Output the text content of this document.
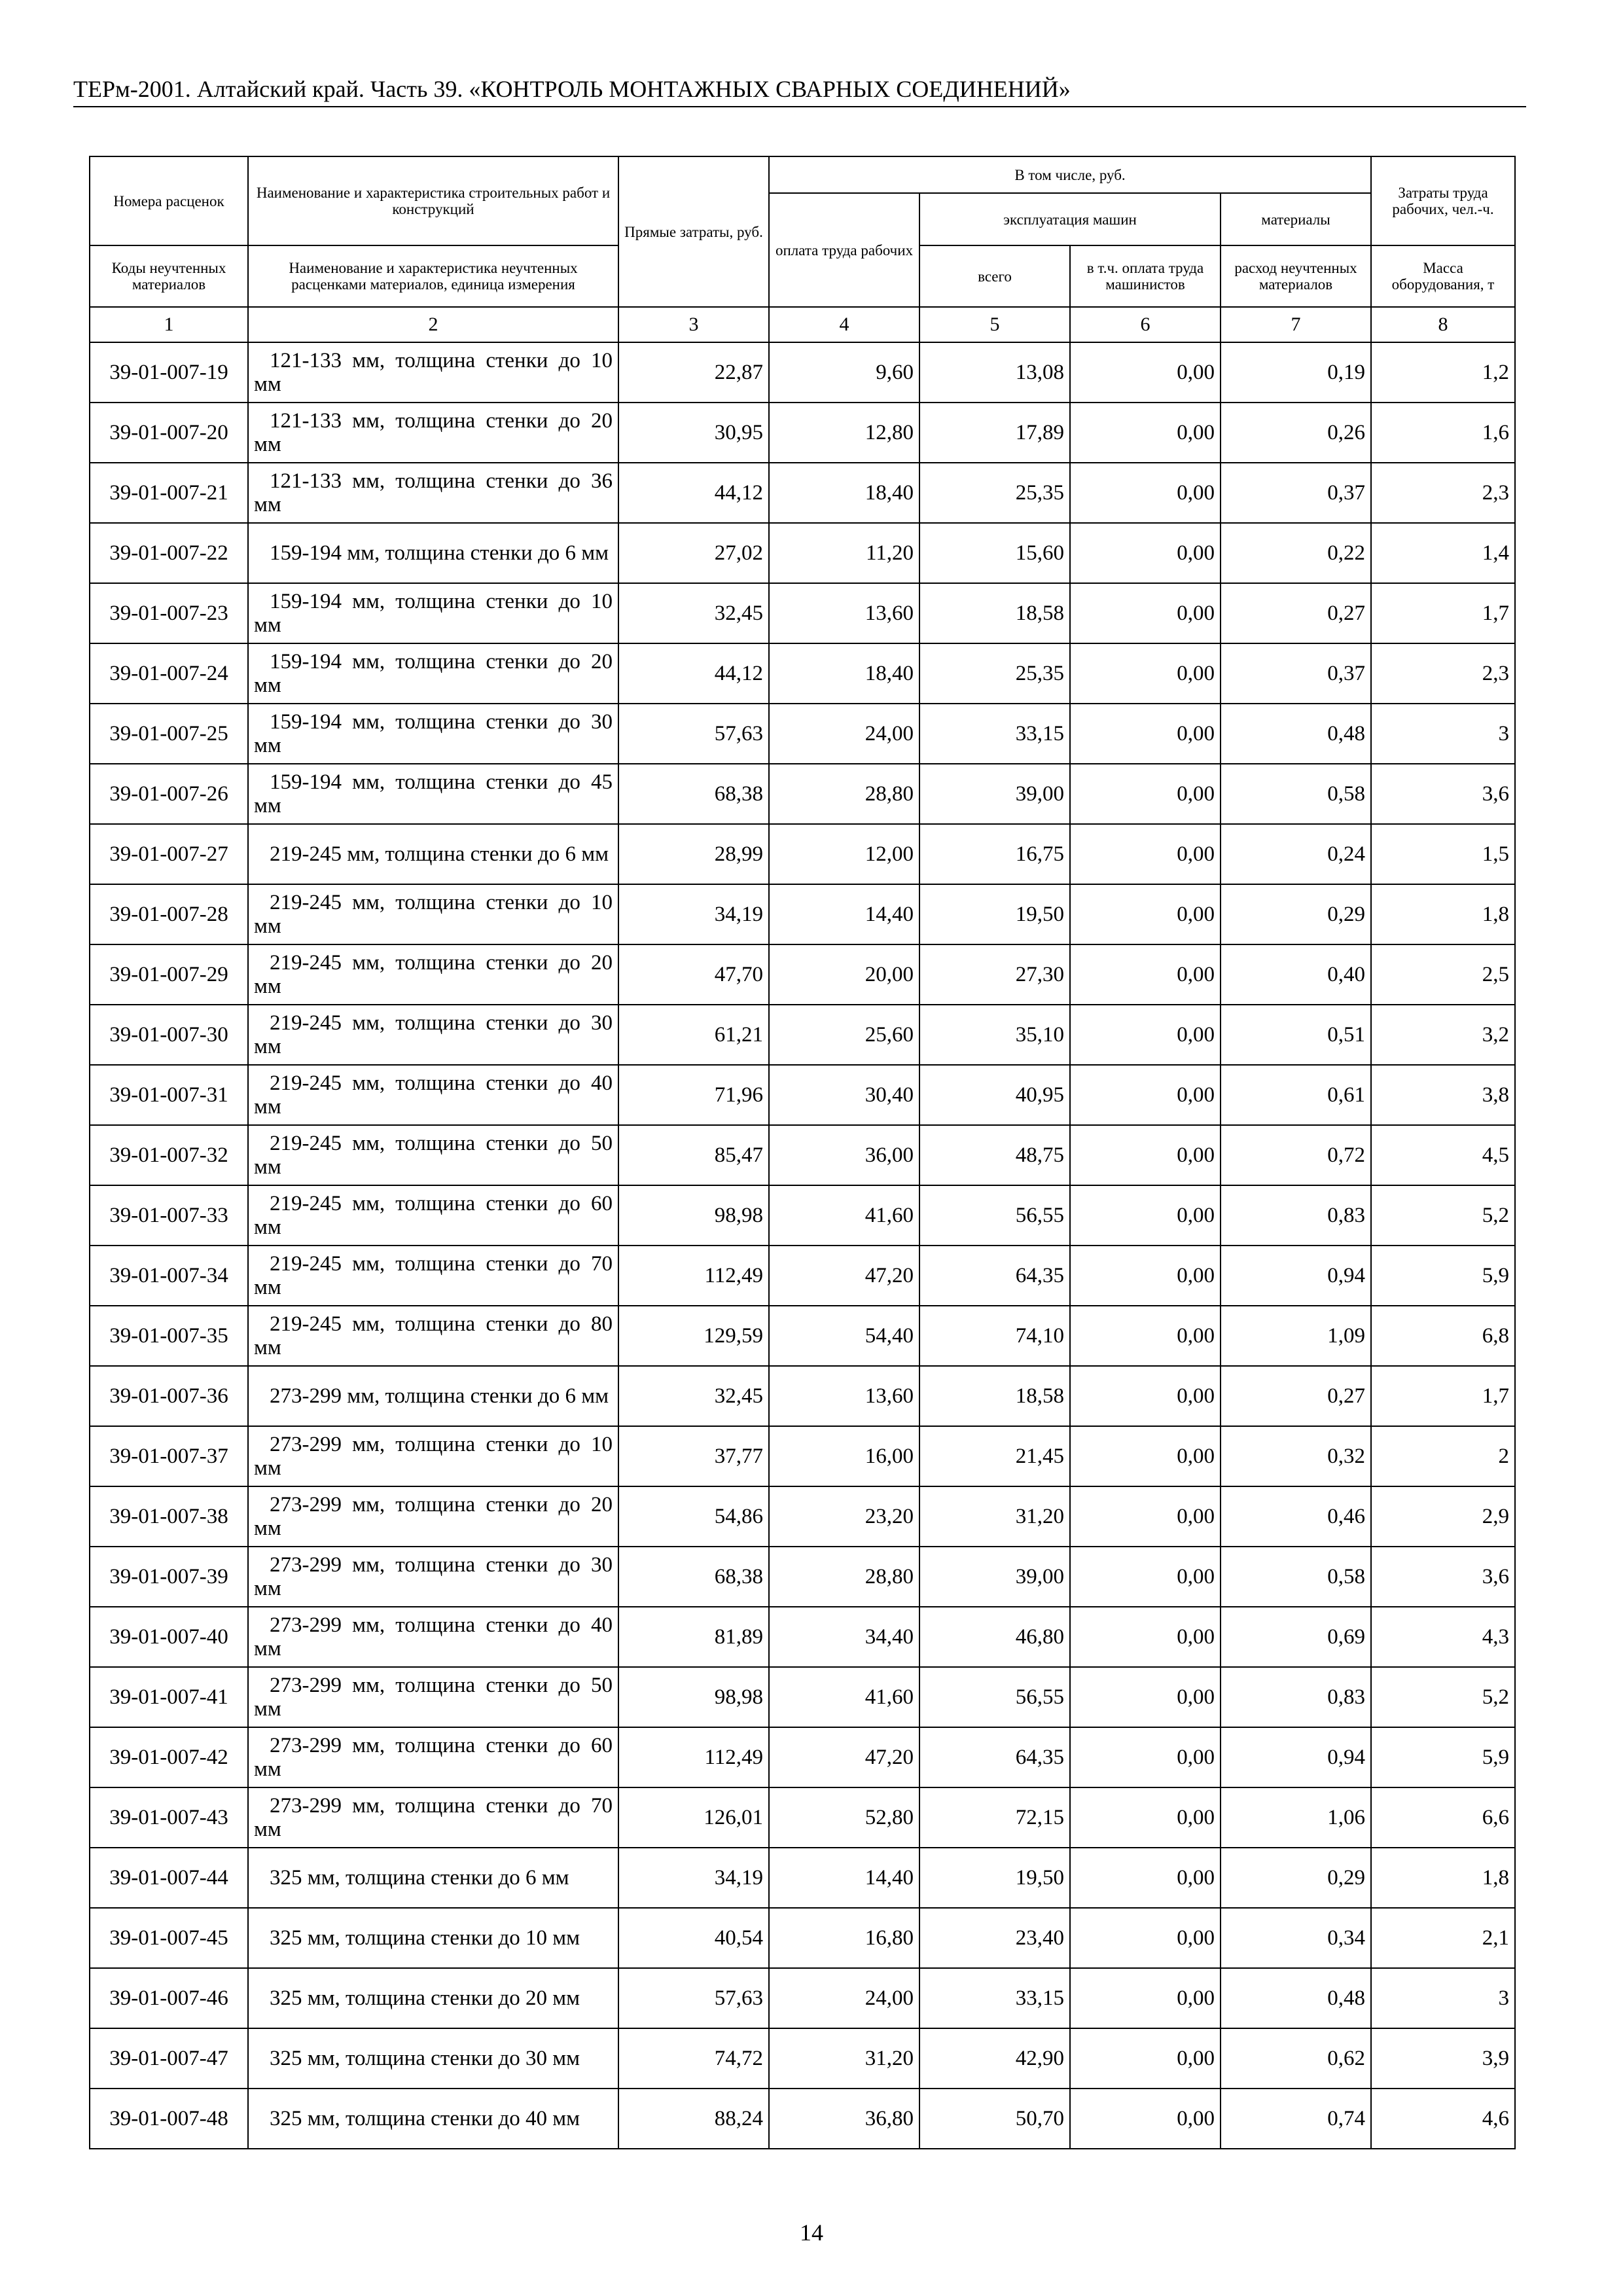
ТЕРм-2001. Алтайский край. Часть 39. «КОНТРОЛЬ МОНТАЖНЫХ СВАРНЫХ СОЕДИНЕНИЙ»
Номера расценок	Наименование и характеристика строительных работ и конструкций	Прямые затраты, руб.	В том числе, руб.				Затраты труда рабочих, чел.-ч.
			оплата труда рабочих	эксплуатация машин		материалы	
Коды неучтенных материалов	Наименование и характеристика неучтенных расценками материалов, единица измерения			всего	в т.ч. оплата труда машинистов	расход неучтенных материалов	Масса оборудования, т
1	2	3	4	5	6	7	8
39-01-007-19	121-133 мм, толщина стенки до 10 мм	22,87	9,60	13,08	0,00	0,19	1,2
39-01-007-20	121-133 мм, толщина стенки до 20 мм	30,95	12,80	17,89	0,00	0,26	1,6
39-01-007-21	121-133 мм, толщина стенки до 36 мм	44,12	18,40	25,35	0,00	0,37	2,3
39-01-007-22	159-194 мм, толщина стенки до 6 мм	27,02	11,20	15,60	0,00	0,22	1,4
39-01-007-23	159-194 мм, толщина стенки до 10 мм	32,45	13,60	18,58	0,00	0,27	1,7
39-01-007-24	159-194 мм, толщина стенки до 20 мм	44,12	18,40	25,35	0,00	0,37	2,3
39-01-007-25	159-194 мм, толщина стенки до 30 мм	57,63	24,00	33,15	0,00	0,48	3
39-01-007-26	159-194 мм, толщина стенки до 45 мм	68,38	28,80	39,00	0,00	0,58	3,6
39-01-007-27	219-245 мм, толщина стенки до 6 мм	28,99	12,00	16,75	0,00	0,24	1,5
39-01-007-28	219-245 мм, толщина стенки до 10 мм	34,19	14,40	19,50	0,00	0,29	1,8
39-01-007-29	219-245 мм, толщина стенки до 20 мм	47,70	20,00	27,30	0,00	0,40	2,5
39-01-007-30	219-245 мм, толщина стенки до 30 мм	61,21	25,60	35,10	0,00	0,51	3,2
39-01-007-31	219-245 мм, толщина стенки до 40 мм	71,96	30,40	40,95	0,00	0,61	3,8
39-01-007-32	219-245 мм, толщина стенки до 50 мм	85,47	36,00	48,75	0,00	0,72	4,5
39-01-007-33	219-245 мм, толщина стенки до 60 мм	98,98	41,60	56,55	0,00	0,83	5,2
39-01-007-34	219-245 мм, толщина стенки до 70 мм	112,49	47,20	64,35	0,00	0,94	5,9
39-01-007-35	219-245 мм, толщина стенки до 80 мм	129,59	54,40	74,10	0,00	1,09	6,8
39-01-007-36	273-299 мм, толщина стенки до 6 мм	32,45	13,60	18,58	0,00	0,27	1,7
39-01-007-37	273-299 мм, толщина стенки до 10 мм	37,77	16,00	21,45	0,00	0,32	2
39-01-007-38	273-299 мм, толщина стенки до 20 мм	54,86	23,20	31,20	0,00	0,46	2,9
39-01-007-39	273-299 мм, толщина стенки до 30 мм	68,38	28,80	39,00	0,00	0,58	3,6
39-01-007-40	273-299 мм, толщина стенки до 40 мм	81,89	34,40	46,80	0,00	0,69	4,3
39-01-007-41	273-299 мм, толщина стенки до 50 мм	98,98	41,60	56,55	0,00	0,83	5,2
39-01-007-42	273-299 мм, толщина стенки до 60 мм	112,49	47,20	64,35	0,00	0,94	5,9
39-01-007-43	273-299 мм, толщина стенки до 70 мм	126,01	52,80	72,15	0,00	1,06	6,6
39-01-007-44	325 мм, толщина стенки до 6 мм	34,19	14,40	19,50	0,00	0,29	1,8
39-01-007-45	325 мм, толщина стенки до 10 мм	40,54	16,80	23,40	0,00	0,34	2,1
39-01-007-46	325 мм, толщина стенки до 20 мм	57,63	24,00	33,15	0,00	0,48	3
39-01-007-47	325 мм, толщина стенки до 30 мм	74,72	31,20	42,90	0,00	0,62	3,9
39-01-007-48	325 мм, толщина стенки до 40 мм	88,24	36,80	50,70	0,00	0,74	4,6
14
